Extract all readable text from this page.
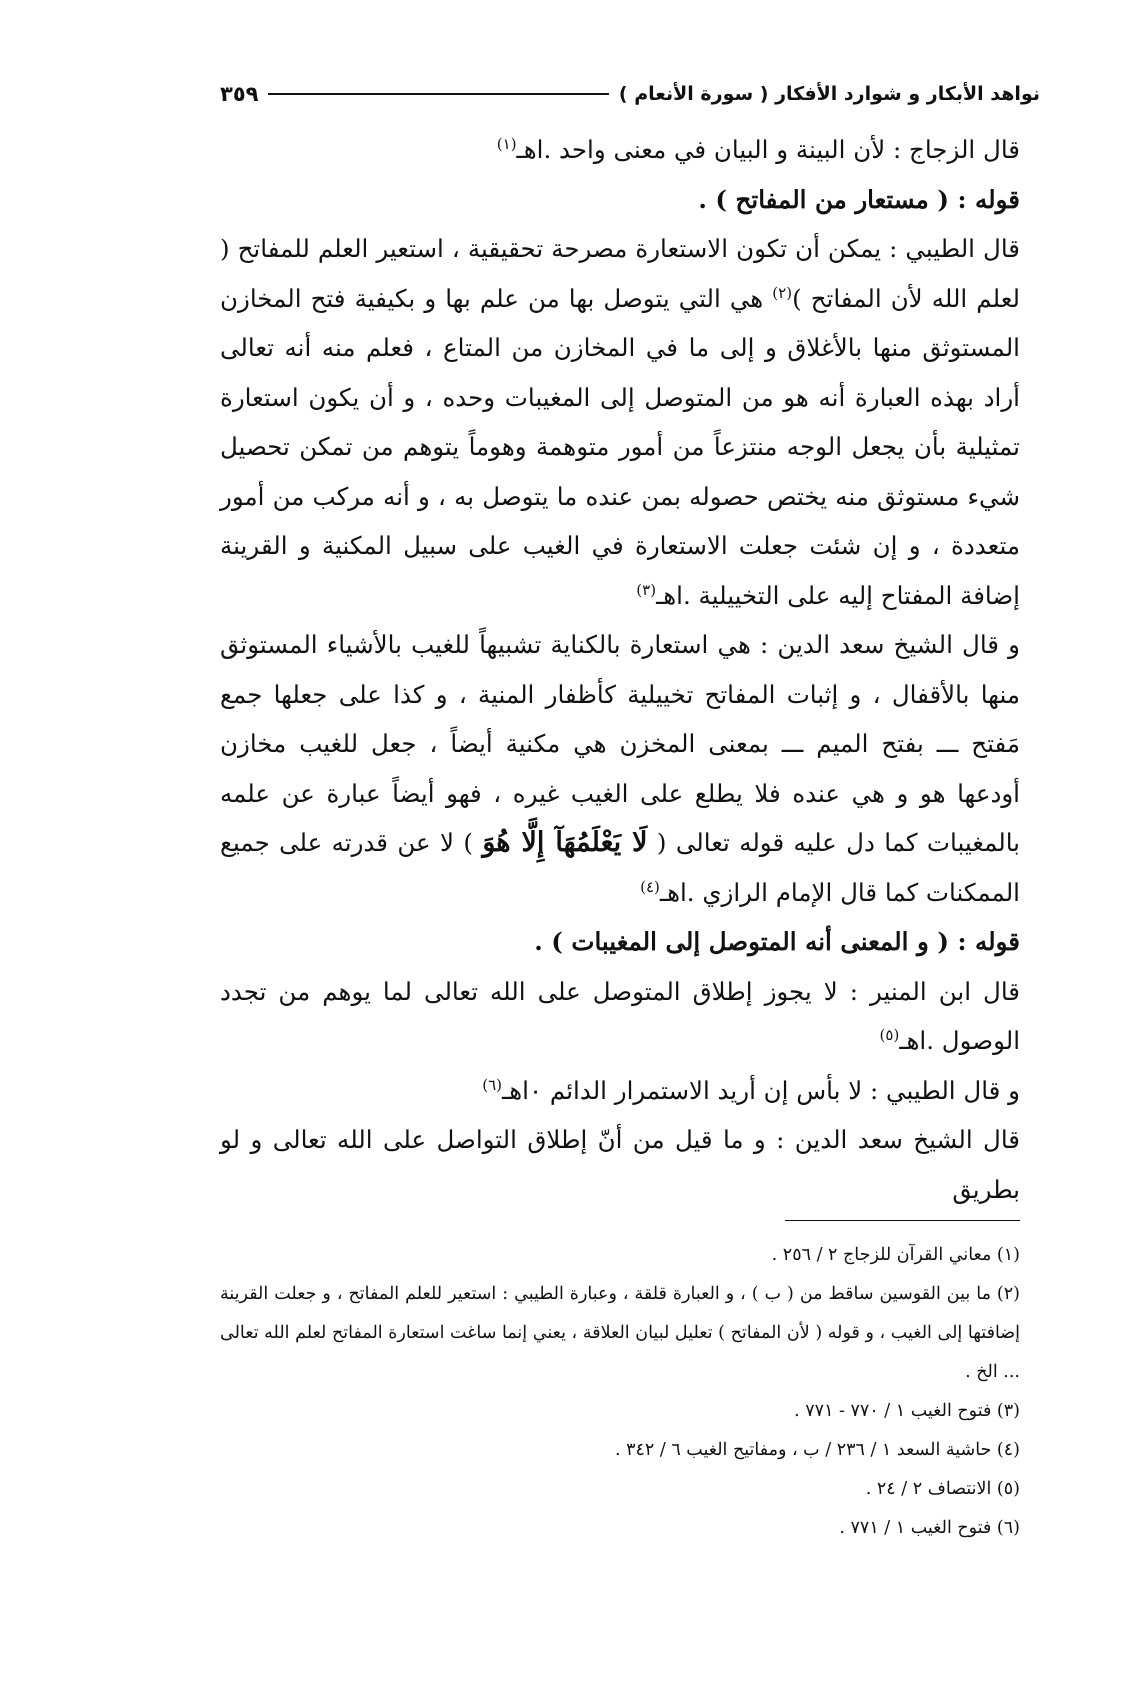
نواهد الأبكار و شوارد الأفكار ( سورة الأنعام )
٣٥٩

قال الزجاج : لأن البينة و البيان في معنى واحد .اهـ$^{(١)}$

قوله : ( مستعار من المفاتح ) .

قال الطيبي : يمكن أن تكون الاستعارة مصرحة تحقيقية ، استعير العلم للمفاتح ( لعلم الله لأن المفاتح )$^{(٢)}$ هي التي يتوصل بها من علم بها و بكيفية فتح المخازن المستوثق منها بالأغلاق و إلى ما في المخازن من المتاع ، فعلم منه أنه تعالى أراد بهذه العبارة أنه هو من المتوصل إلى المغيبات وحده ، و أن يكون استعارة تمثيلية بأن يجعل الوجه منتزعاً من أمور متوهمة وهوماً يتوهم من تمكن تحصيل شيء مستوثق منه يختص حصوله بمن عنده ما يتوصل به ، و أنه مركب من أمور متعددة ، و إن شئت جعلت الاستعارة في الغيب على سبيل المكنية و القرينة إضافة المفتاح إليه على التخييلية .اهـ$^{(٣)}$

و قال الشيخ سعد الدين : هي استعارة بالكناية تشبيهاً للغيب بالأشياء المستوثق منها بالأقفال ، و إثبات المفاتح تخييلية كأظفار المنية ، و كذا على جعلها جمع مَفتح ـــ بفتح الميم ـــ بمعنى المخزن هي مكنية أيضاً ، جعل للغيب مخازن أودعها هو و هي عنده فلا يطلع على الغيب غيره ، فهو أيضاً عبارة عن علمه بالمغيبات كما دل عليه قوله تعالى ( لَا يَعْلَمُهَآ إِلَّا هُوَ ) لا عن قدرته على جميع الممكنات كما قال الإمام الرازي .اهـ$^{(٤)}$

قوله : ( و المعنى أنه المتوصل إلى المغيبات ) .

قال ابن المنير : لا يجوز إطلاق المتوصل على الله تعالى لما يوهم من تجدد الوصول .اهـ$^{(٥)}$

و قال الطيبي : لا بأس إن أريد الاستمرار الدائم ٠اهـ$^{(٦)}$

قال الشيخ سعد الدين : و ما قيل من أنّ إطلاق التواصل على الله تعالى و لو بطريق

(١) معاني القرآن للزجاج ٢ / ٢٥٦ .

(٢) ما بين القوسين ساقط من ( ب ) ، و العبارة قلقة ، وعبارة الطيبي : استعير للعلم المفاتح ، و جعلت القرينة إضافتها إلى الغيب ، و قوله ( لأن المفاتح ) تعليل لبيان العلاقة ، يعني إنما ساغت استعارة المفاتح لعلم الله تعالى ... الخ .

(٣) فتوح الغيب ١ / ٧٧٠ - ٧٧١ .

(٤) حاشية السعد ١ / ٢٣٦ / ب ، ومفاتيح الغيب ٦ / ٣٤٢ .

(٥) الانتصاف ٢ / ٢٤ .

(٦) فتوح الغيب ١ / ٧٧١ .
